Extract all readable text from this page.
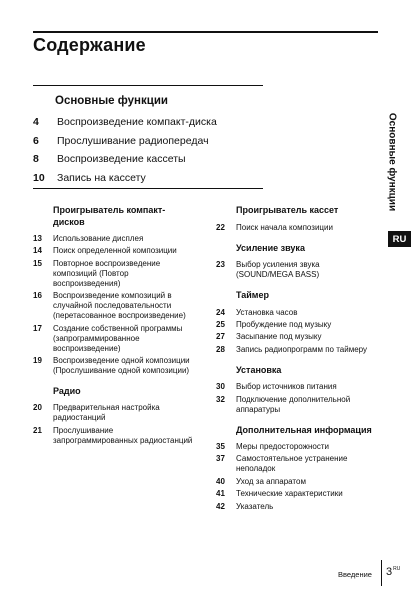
Содержание
Основные функции
4	Воспроизведение компакт-диска
6	Прослушивание радиопередач
8	Воспроизведение кассеты
10	Запись на кассету
Проигрыватель компакт-дисков
13	Использование дисплея
14	Поиск определенной композиции
15	Повторное воспроизведение композиций (Повтор воспроизведения)
16	Воспроизведение композиций в случайной последовательности (перетасованное воспроизведение)
17	Создание собственной программы (запрограммированное воспроизведение)
19	Воспроизведение одной композиции (Прослушивание одной композиции)
Радио
20	Предварительная настройка радиостанций
21	Прослушивание запрограммированных радиостанций
Проигрыватель кассет
22	Поиск начала композиции
Усиление звука
23	Выбор усиления звука (SOUND/MEGA BASS)
Таймер
24	Установка часов
25	Пробуждение под музыку
27	Засыпание под музыку
28	Запись радиопрограмм по таймеру
Установка
30	Выбор источников питания
32	Подключение дополнительной аппаратуры
Дополнительная информация
35	Меры предосторожности
37	Самостоятельное устранение неполадок
40	Уход за аппаратом
41	Технические характеристики
42	Указатель
Основные функции
RU
Введение $3^{RU}$
